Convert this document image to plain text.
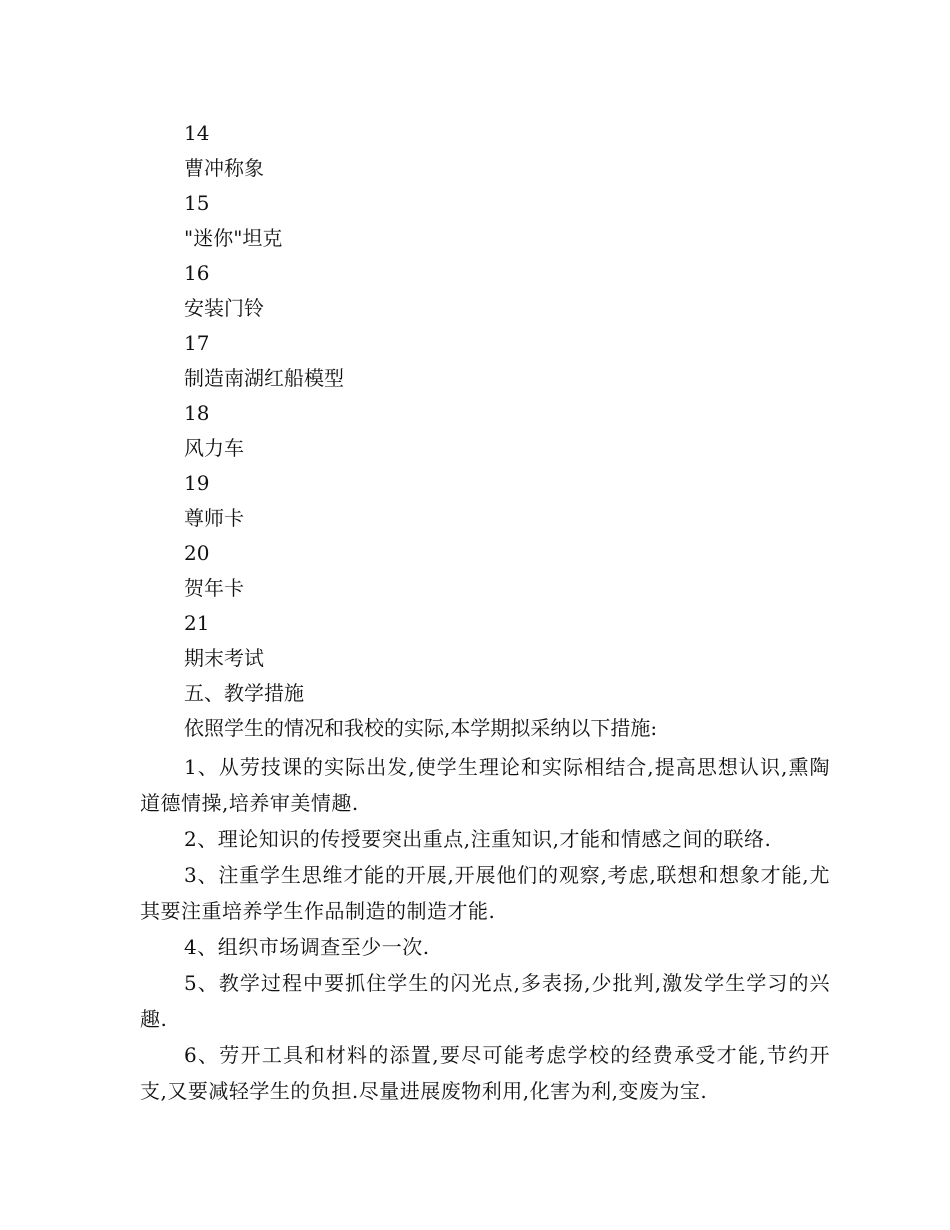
14
曹冲称象
15
"迷你"坦克
16
安装门铃
17
制造南湖红船模型
18
风力车
19
尊师卡
20
贺年卡
21
期末考试
五、教学措施
依照学生的情况和我校的实际,本学期拟采纳以下措施:

1、从劳技课的实际出发,使学生理论和实际相结合,提高思想认识,熏陶道德情操,培养审美情趣.

2、理论知识的传授要突出重点,注重知识,才能和情感之间的联络.

3、注重学生思维才能的开展,开展他们的观察,考虑,联想和想象才能,尤其要注重培养学生作品制造的制造才能.

4、组织市场调查至少一次.

5、教学过程中要抓住学生的闪光点,多表扬,少批判,激发学生学习的兴趣.

6、劳开工具和材料的添置,要尽可能考虑学校的经费承受才能,节约开支,又要减轻学生的负担.尽量进展废物利用,化害为利,变废为宝.
